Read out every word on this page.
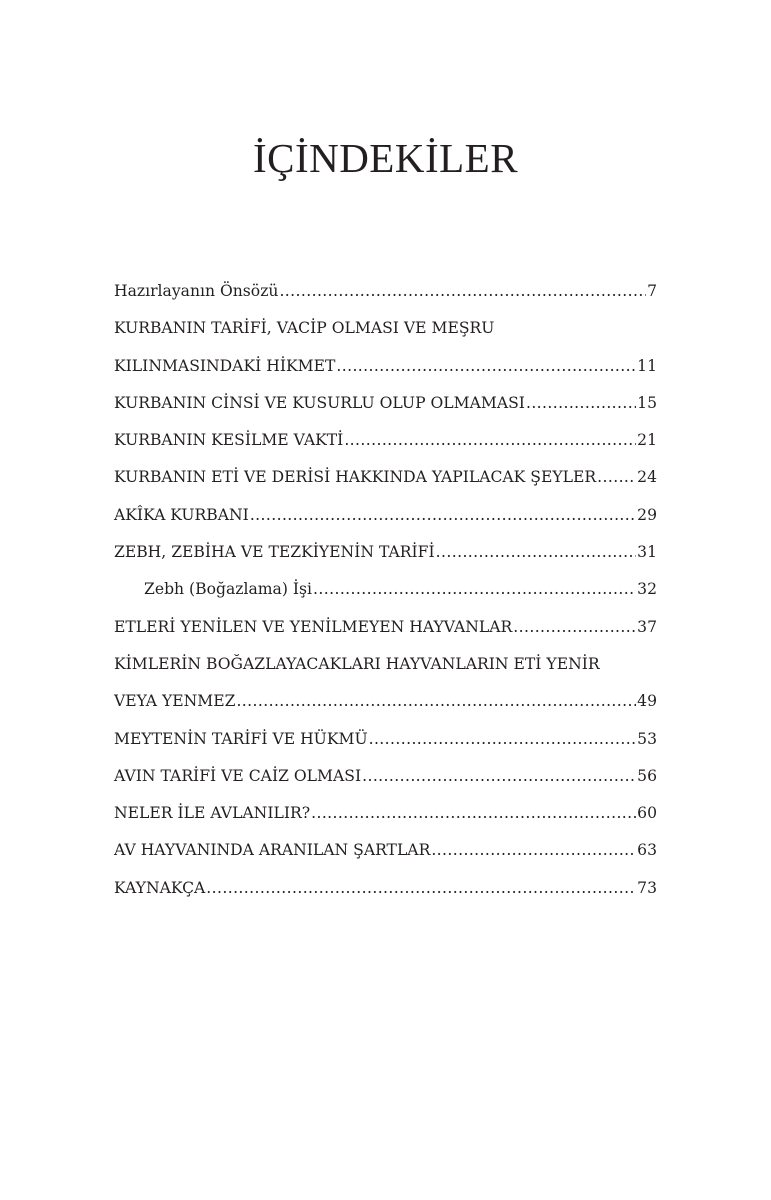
İÇİNDEKİLER
Hazırlayanın Önsözü .....	7
KURBANIN TARİFİ, VACİP OLMASI VE MEŞRU
KILINMASINDAKİ HİKMET .....	11
KURBANIN CİNSİ VE KUSURLU OLUP OLMAMASI .....	15
KURBANIN KESİLME VAKTİ .....	21
KURBANIN ETİ VE DERİSİ HAKKINDA YAPILACAK ŞEYLER .....	24
AKÎKA KURBANI .....	29
ZEBH, ZEBİHA VE TEZKİYENİN TARİFİ .....	31
Zebh (Boğazlama) İşi .....	32
ETLERİ YENİLEN VE YENİLMEYEN HAYVANLAR .....	37
KİMLERİN BOĞAZLAYACAKLARI HAYVANLARIN ETİ YENİR
VEYA YENMEZ .....	49
MEYTENİN TARİFİ VE HÜKMÜ .....	53
AVIN TARİFİ VE CAİZ OLMASI .....	56
NELER İLE AVLANILIR? .....	60
AV HAYVANINDA ARANILAN ŞARTLAR .....	63
KAYNAKÇA .....	73
